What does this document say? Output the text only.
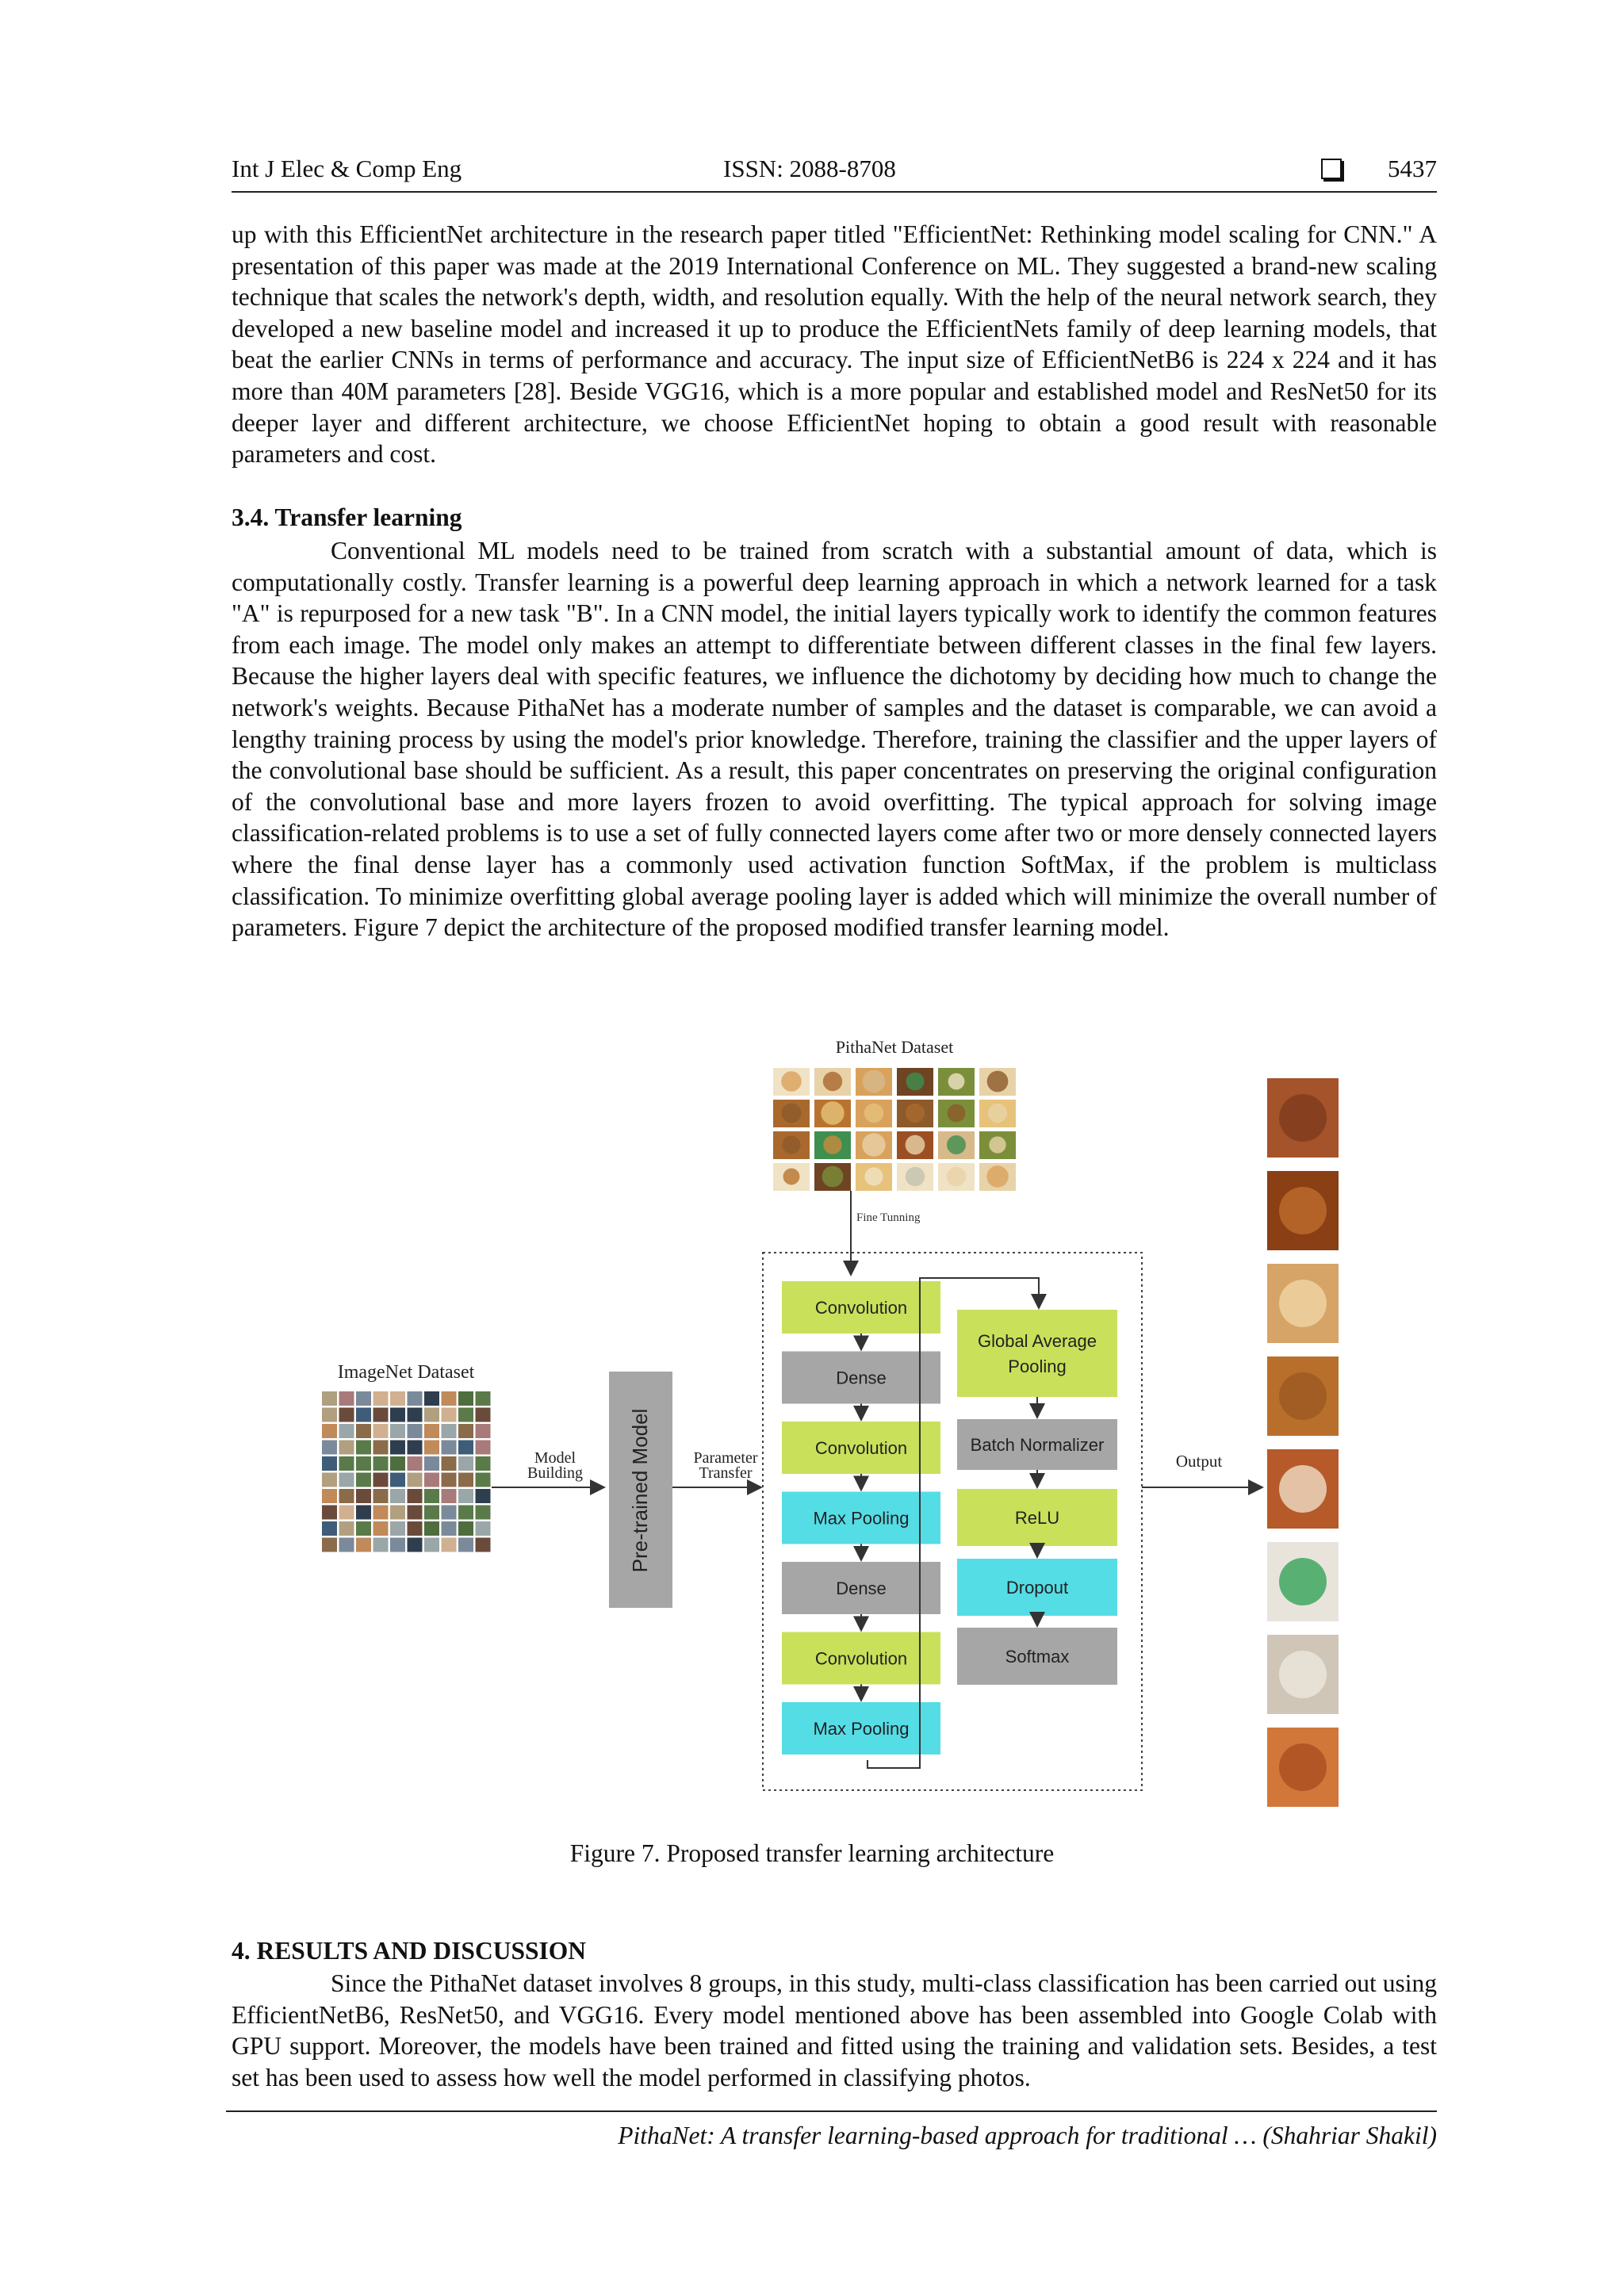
Int J Elec & Comp Eng	ISSN: 2088-8708	5437

up with this EfficientNet architecture in the research paper titled "EfficientNet: Rethinking model scaling for CNN." A presentation of this paper was made at the 2019 International Conference on ML. They suggested a brand-new scaling technique that scales the network's depth, width, and resolution equally. With the help of the neural network search, they developed a new baseline model and increased it up to produce the EfficientNets family of deep learning models, that beat the earlier CNNs in terms of performance and accuracy. The input size of EfficientNetB6 is 224 x 224 and it has more than 40M parameters [28]. Beside VGG16, which is a more popular and established model and ResNet50 for its deeper layer and different architecture, we choose EfficientNet hoping to obtain a good result with reasonable parameters and cost.

3.4. Transfer learning

Conventional ML models need to be trained from scratch with a substantial amount of data, which is computationally costly. Transfer learning is a powerful deep learning approach in which a network learned for a task "A" is repurposed for a new task "B". In a CNN model, the initial layers typically work to identify the common features from each image. The model only makes an attempt to differentiate between different classes in the final few layers. Because the higher layers deal with specific features, we influence the dichotomy by deciding how much to change the network's weights. Because PithaNet has a moderate number of samples and the dataset is comparable, we can avoid a lengthy training process by using the model's prior knowledge. Therefore, training the classifier and the upper layers of the convolutional base should be sufficient. As a result, this paper concentrates on preserving the original configuration of the convolutional base and more layers frozen to avoid overfitting. The typical approach for solving image classification-related problems is to use a set of fully connected layers come after two or more densely connected layers where the final dense layer has a commonly used activation function SoftMax, if the problem is multiclass classification. To minimize overfitting global average pooling layer is added which will minimize the overall number of parameters. Figure 7 depict the architecture of the proposed modified transfer learning model.

PithaNet Dataset
Fine Tunning
Convolution
Dense
Convolution
Max Pooling
Dense
Convolution
Max Pooling
Global Average
Pooling
Batch Normalizer
ReLU
Dropout
Softmax
ImageNet Dataset
Model
Building Pre-trained Model	Parameter
Transfer
Output
Figure 7. Proposed transfer learning architecture

4. RESULTS AND DISCUSSION

Since the PithaNet dataset involves 8 groups, in this study, multi-class classification has been carried out using EfficientNetB6, ResNet50, and VGG16. Every model mentioned above has been assembled into Google Colab with GPU support. Moreover, the models have been trained and fitted using the training and validation sets. Besides, a test set has been used to assess how well the model performed in classifying photos.

PithaNet: A transfer learning-based approach for traditional … (Shahriar Shakil)
